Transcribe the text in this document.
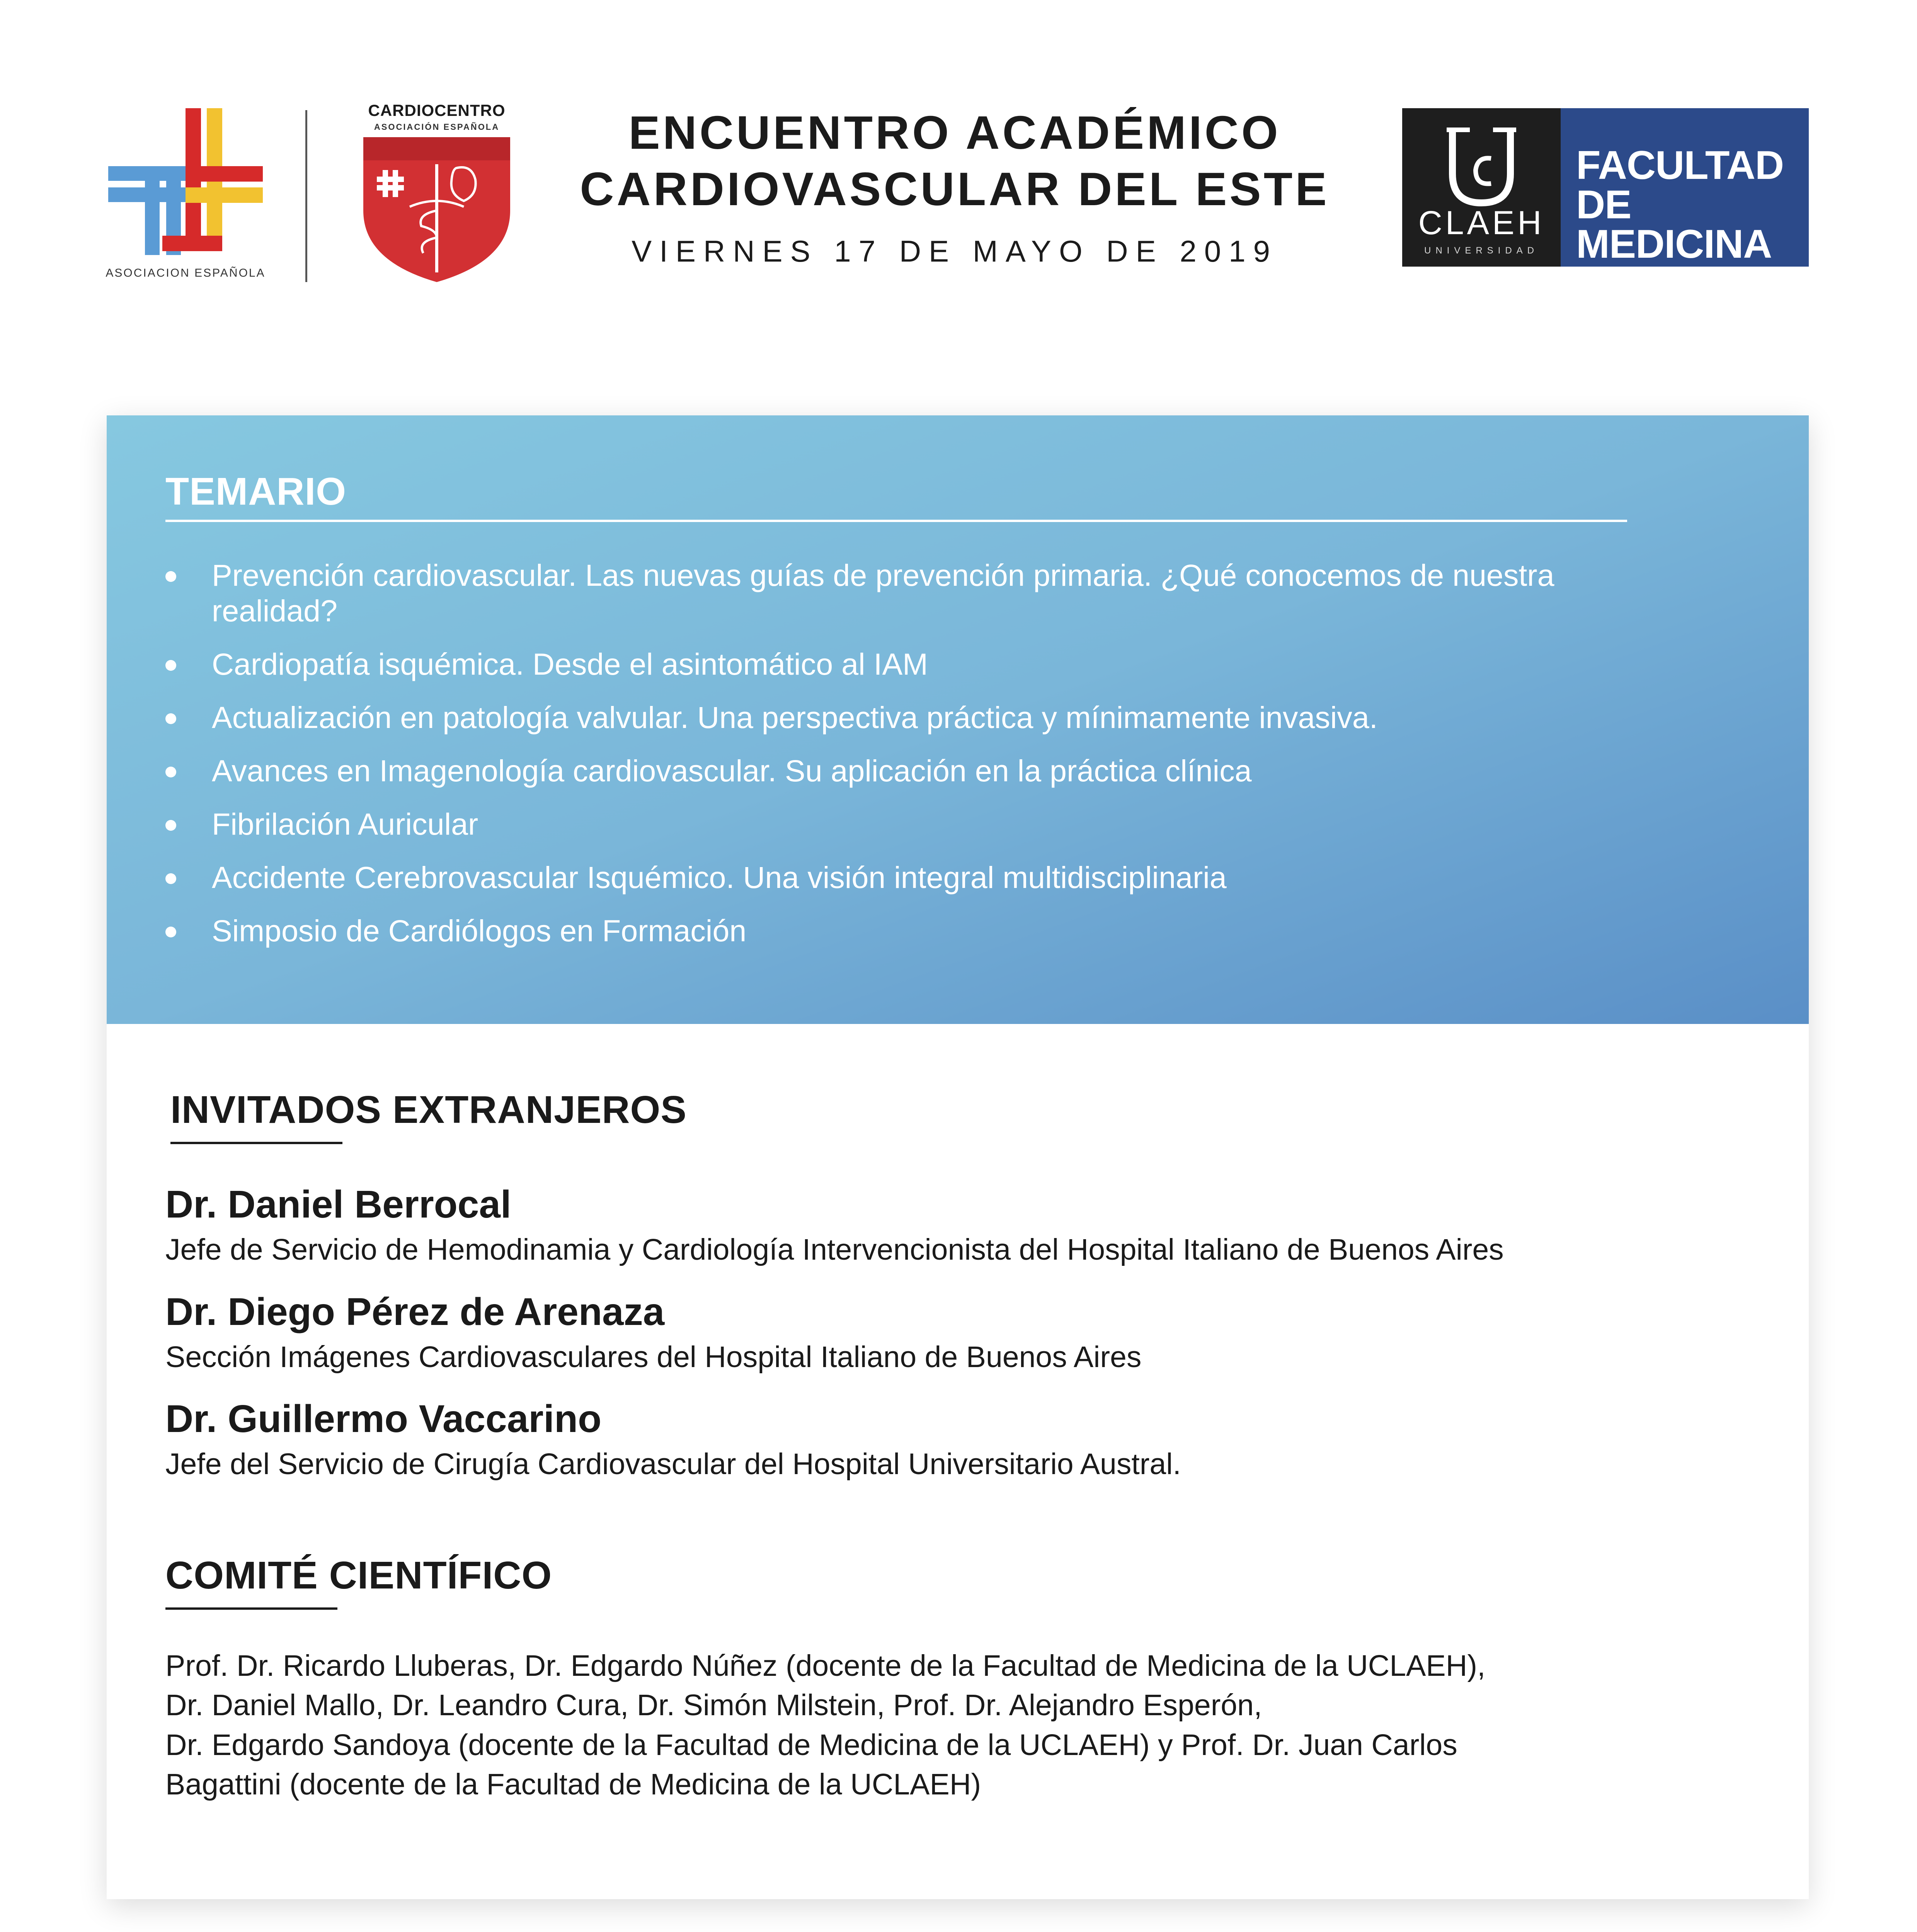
ASOCIACION ESPAÑOLA
CARDIOCENTRO
ASOCIACIÓN ESPAÑOLA	ENCUENTRO ACADÉMICO
CARDIOVASCULAR DEL ESTE
VIERNES 17 DE MAYO DE 2019
CLAEH
UNIVERSIDAD
FACULTAD
DE MEDICINA
TEMARIO
Prevención cardiovascular. Las nuevas guías de prevención primaria. ¿Qué conocemos de nuestra realidad?
Cardiopatía isquémica. Desde el asintomático al IAM
Actualización en patología valvular. Una perspectiva práctica y mínimamente invasiva.
Avances en Imagenología cardiovascular. Su aplicación en la práctica clínica
Fibrilación Auricular
Accidente Cerebrovascular Isquémico. Una visión integral multidisciplinaria
Simposio de Cardiólogos en Formación
INVITADOS EXTRANJEROS
Dr. Daniel Berrocal
Jefe de Servicio de Hemodinamia y Cardiología Intervencionista del Hospital Italiano de Buenos Aires
Dr. Diego Pérez de Arenaza
Sección Imágenes Cardiovasculares del Hospital Italiano de Buenos Aires
Dr. Guillermo Vaccarino
Jefe del Servicio de Cirugía Cardiovascular del Hospital Universitario Austral.
COMITÉ CIENTÍFICO
Prof. Dr. Ricardo Lluberas, Dr. Edgardo Núñez (docente de la Facultad de Medicina de la UCLAEH),
Dr. Daniel Mallo, Dr. Leandro Cura, Dr. Simón Milstein, Prof. Dr. Alejandro Esperón,
Dr. Edgardo Sandoya (docente de la Facultad de Medicina de la UCLAEH) y Prof. Dr. Juan Carlos
Bagattini (docente de la Facultad de Medicina de la UCLAEH)
